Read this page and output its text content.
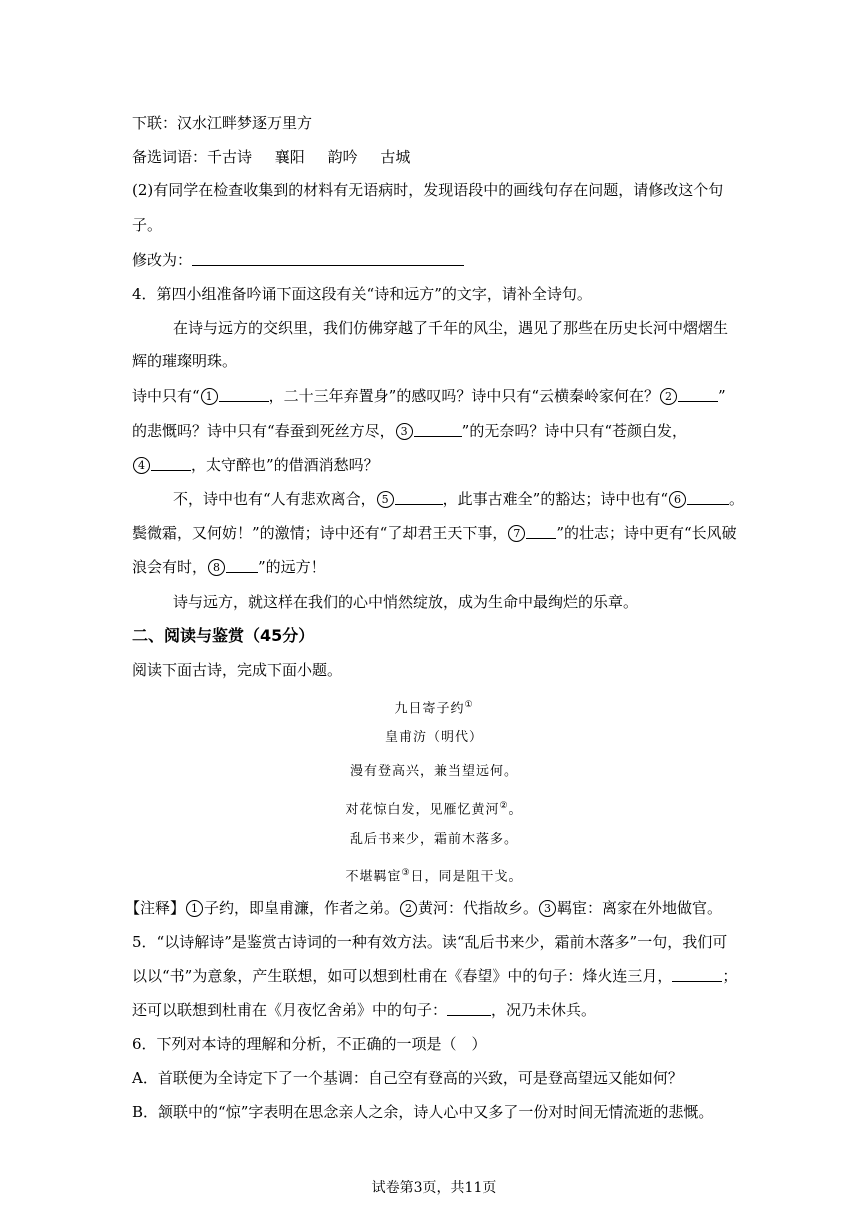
下联：汉水江畔梦逐万里方
备选词语：千古诗 襄阳 韵吟 古城
(2)有同学在检查收集到的材料有无语病时，发现语段中的画线句存在问题，请修改这个句
子。
修改为：
4．第四小组准备吟诵下面这段有关“诗和远方”的文字，请补全诗句。
在诗与远方的交织里，我们仿佛穿越了千年的风尘，遇见了那些在历史长河中熠熠生
辉的璀璨明珠。
诗中只有“ 1	，二十三年弃置身”的感叹吗？诗中只有“云横秦岭家何在？ 2	”
的悲慨吗？诗中只有“春蚕到死丝方尽， 3	”的无奈吗？诗中只有“苍颜白发，
4	，太守醉也”的借酒消愁吗？
不，诗中也有“人有悲欢离合， 5	，此事古难全”的豁达；诗中也有“ 6	。
鬓微霜，又何妨！”的激情；诗中还有“了却君王天下事， 7 ”的壮志；诗中更有“长风破
浪会有时， 8	”的远方！
诗与远方，就这样在我们的心中悄然绽放，成为生命中最绚烂的乐章。
二、阅读与鉴赏（45分）
阅读下面古诗，完成下面小题。
九日寄子约①
皇甫汸（明代）
漫有登高兴，兼当望远何。
对花惊白发，见雁忆黄河②。
乱后书来少，霜前木落多。
不堪羁宦③日，同是阻干戈。
【注释】 1 子约，即皇甫濂，作者之弟。 2 黄河：代指故乡。 3 羁宦：离家在外地做官。
5．“以诗解诗”是鉴赏古诗词的一种有效方法。读“乱后书来少，霜前木落多”一句，我们可
以以“书”为意象，产生联想，如可以想到杜甫在《春望》中的句子：烽火连三月，	；
还可以联想到杜甫在《月夜忆舍弟》中的句子：	，况乃未休兵。
6．下列对本诗的理解和分析，不正确的一项是（　）
A．首联便为全诗定下了一个基调：自己空有登高的兴致，可是登高望远又能如何？
B．颔联中的“惊”字表明在思念亲人之余，诗人心中又多了一份对时间无情流逝的悲慨。
试卷第3页，共11页
